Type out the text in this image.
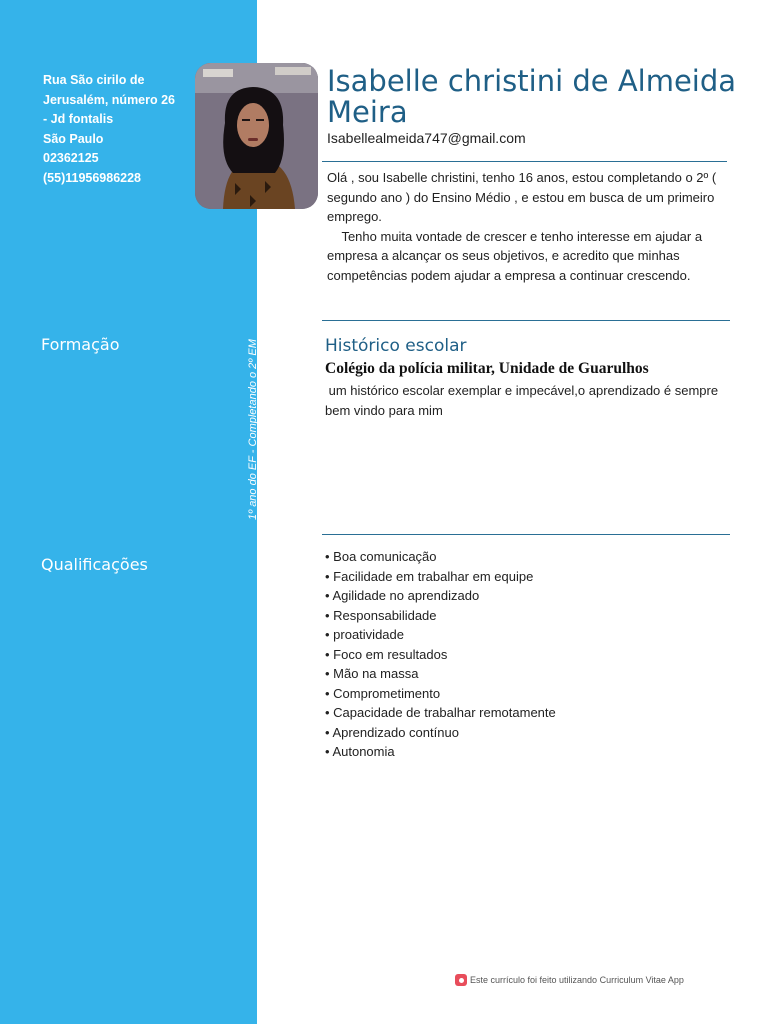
Rua São cirilo de
Jerusalém, número 26
- Jd fontalis
São Paulo
02362125
(55)11956986228
Formação	1º ano do EF - Completando o 2º EM
Qualificações
Isabelle christini de Almeida Meira
Isabellealmeida747@gmail.com

Olá , sou Isabelle christini, tenho 16 anos, estou completando o 2º ( segundo ano ) do Ensino Médio , e estou em busca de um primeiro emprego.

Tenho muita vontade de crescer e tenho interesse em ajudar a empresa a alcançar os seus objetivos, e acredito que minhas competências podem ajudar a empresa a continuar crescendo.

Histórico escolar
Colégio da polícia militar, Unidade de Guarulhos
um histórico escolar exemplar e impecável,o aprendizado é sempre bem vindo para mim
• Boa comunicação
• Facilidade em trabalhar em equipe
• Agilidade no aprendizado
• Responsabilidade
• proatividade
• Foco em resultados
• Mão na massa
• Comprometimento
• Capacidade de trabalhar remotamente
• Aprendizado contínuo
• Autonomia
Este currículo foi feito utilizando Curriculum Vitae App
